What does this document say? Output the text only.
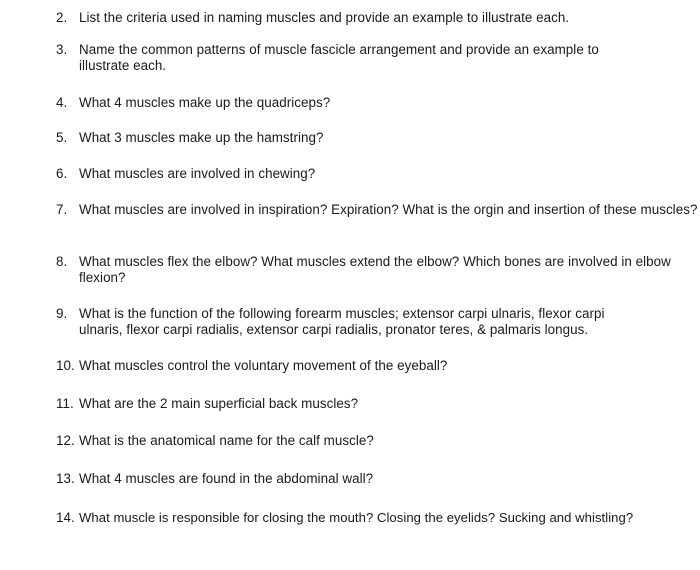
2. List the criteria used in naming muscles and provide an example to illustrate each.
3. Name the common patterns of muscle fascicle arrangement and provide an example to illustrate each.
4. What 4 muscles make up the quadriceps?
5. What 3 muscles make up the hamstring?
6. What muscles are involved in chewing?
7. What muscles are involved in inspiration? Expiration? What is the orgin and insertion of these muscles?
8. What muscles flex the elbow? What muscles extend the elbow? Which bones are involved in elbow flexion?
9. What is the function of the following forearm muscles; extensor carpi ulnaris, flexor carpi ulnaris, flexor carpi radialis, extensor carpi radialis, pronator teres, & palmaris longus.
10. What muscles control the voluntary movement of the eyeball?
11. What are the 2 main superficial back muscles?
12. What is the anatomical name for the calf muscle?
13. What 4 muscles are found in the abdominal wall?
14. What muscle is responsible for closing the mouth? Closing the eyelids? Sucking and whistling?
